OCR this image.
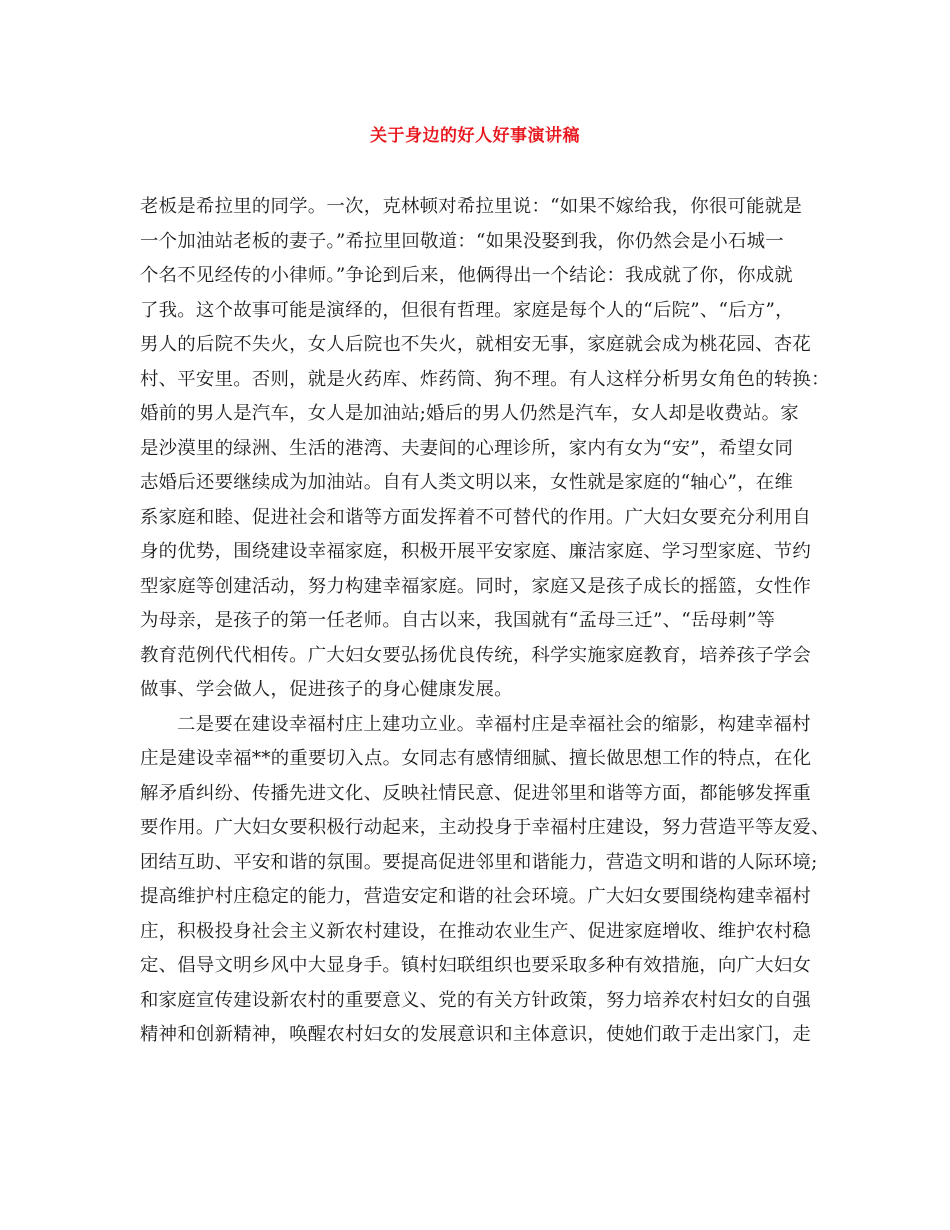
关于身边的好人好事演讲稿
老板是希拉里的同学。一次，克林顿对希拉里说：“如果不嫁给我，你很可能就是
一个加油站老板的妻子。”希拉里回敬道：“如果没娶到我，你仍然会是小石城一
个名不见经传的小律师。”争论到后来，他俩得出一个结论：我成就了你，你成就
了我。这个故事可能是演绎的，但很有哲理。家庭是每个人的“后院”、“后方”，
男人的后院不失火，女人后院也不失火，就相安无事，家庭就会成为桃花园、杏花
村、平安里。否则，就是火药库、炸药筒、狗不理。有人这样分析男女角色的转换：
婚前的男人是汽车，女人是加油站;婚后的男人仍然是汽车，女人却是收费站。家
是沙漠里的绿洲、生活的港湾、夫妻间的心理诊所，家内有女为“安”，希望女同
志婚后还要继续成为加油站。自有人类文明以来，女性就是家庭的“轴心”，在维
系家庭和睦、促进社会和谐等方面发挥着不可替代的作用。广大妇女要充分利用自
身的优势，围绕建设幸福家庭，积极开展平安家庭、廉洁家庭、学习型家庭、节约
型家庭等创建活动，努力构建幸福家庭。同时，家庭又是孩子成长的摇篮，女性作
为母亲，是孩子的第一任老师。自古以来，我国就有“孟母三迁”、“岳母刺”等
教育范例代代相传。广大妇女要弘扬优良传统，科学实施家庭教育，培养孩子学会
做事、学会做人，促进孩子的身心健康发展。
二是要在建设幸福村庄上建功立业。幸福村庄是幸福社会的缩影，构建幸福村
庄是建设幸福**的重要切入点。女同志有感情细腻、擅长做思想工作的特点，在化
解矛盾纠纷、传播先进文化、反映社情民意、促进邻里和谐等方面，都能够发挥重
要作用。广大妇女要积极行动起来，主动投身于幸福村庄建设，努力营造平等友爱、
团结互助、平安和谐的氛围。要提高促进邻里和谐能力，营造文明和谐的人际环境;
提高维护村庄稳定的能力，营造安定和谐的社会环境。广大妇女要围绕构建幸福村
庄，积极投身社会主义新农村建设，在推动农业生产、促进家庭增收、维护农村稳
定、倡导文明乡风中大显身手。镇村妇联组织也要采取多种有效措施，向广大妇女
和家庭宣传建设新农村的重要意义、党的有关方针政策，努力培养农村妇女的自强
精神和创新精神，唤醒农村妇女的发展意识和主体意识，使她们敢于走出家门，走
